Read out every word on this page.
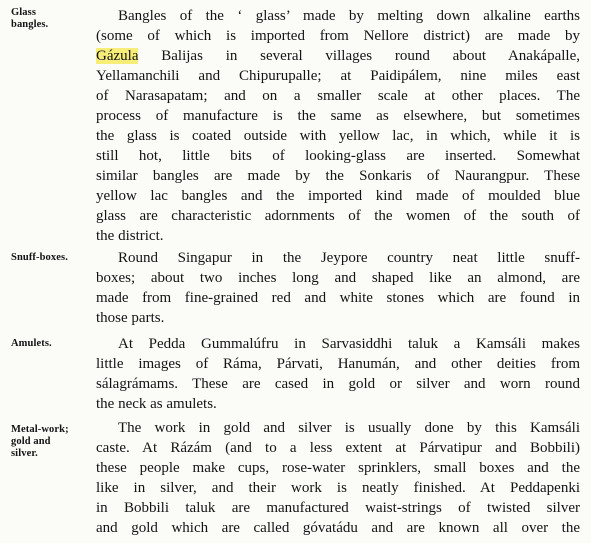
Glass
bangles.
Bangles of the ‘ glass’ made by melting down alkaline earths
(some of which is imported from Nellore district) are made by
Gázula Balijas in several villages round about Anakápalle,
Yellamanchili and Chipurupalle; at Paidipálem, nine miles east
of Narasapatam; and on a smaller scale at other places. The
process of manufacture is the same as elsewhere, but sometimes
the glass is coated outside with yellow lac, in which, while it is
still hot, little bits of looking-glass are inserted. Somewhat
similar bangles are made by the Sonkaris of Naurangpur. These
yellow lac bangles and the imported kind made of moulded blue
glass are characteristic adornments of the women of the south of
the district.
Snuff-boxes.	Round Singapur in the Jeypore country neat little snuff-
boxes; about two inches long and shaped like an almond, are
made from fine-grained red and white stones which are found in
those parts.
Amulets.	At Pedda Gummalúfru in Sarvasiddhi taluk a Kamsáli makes
little images of Ráma, Párvati, Hanumán, and other deities from
sálagrámams. These are cased in gold or silver and worn round
the neck as amulets.
Metal-work;
gold and
silver.
The work in gold and silver is usually done by this Kamsáli
caste. At Rázám (and to a less extent at Párvatipur and Bobbili)
these people make cups, rose-water sprinklers, small boxes and the
like in silver, and their work is neatly finished. At Peddapenki
in Bobbili taluk are manufactured waist-strings of twisted silver
and gold which are called góvatádu and are known all over the
